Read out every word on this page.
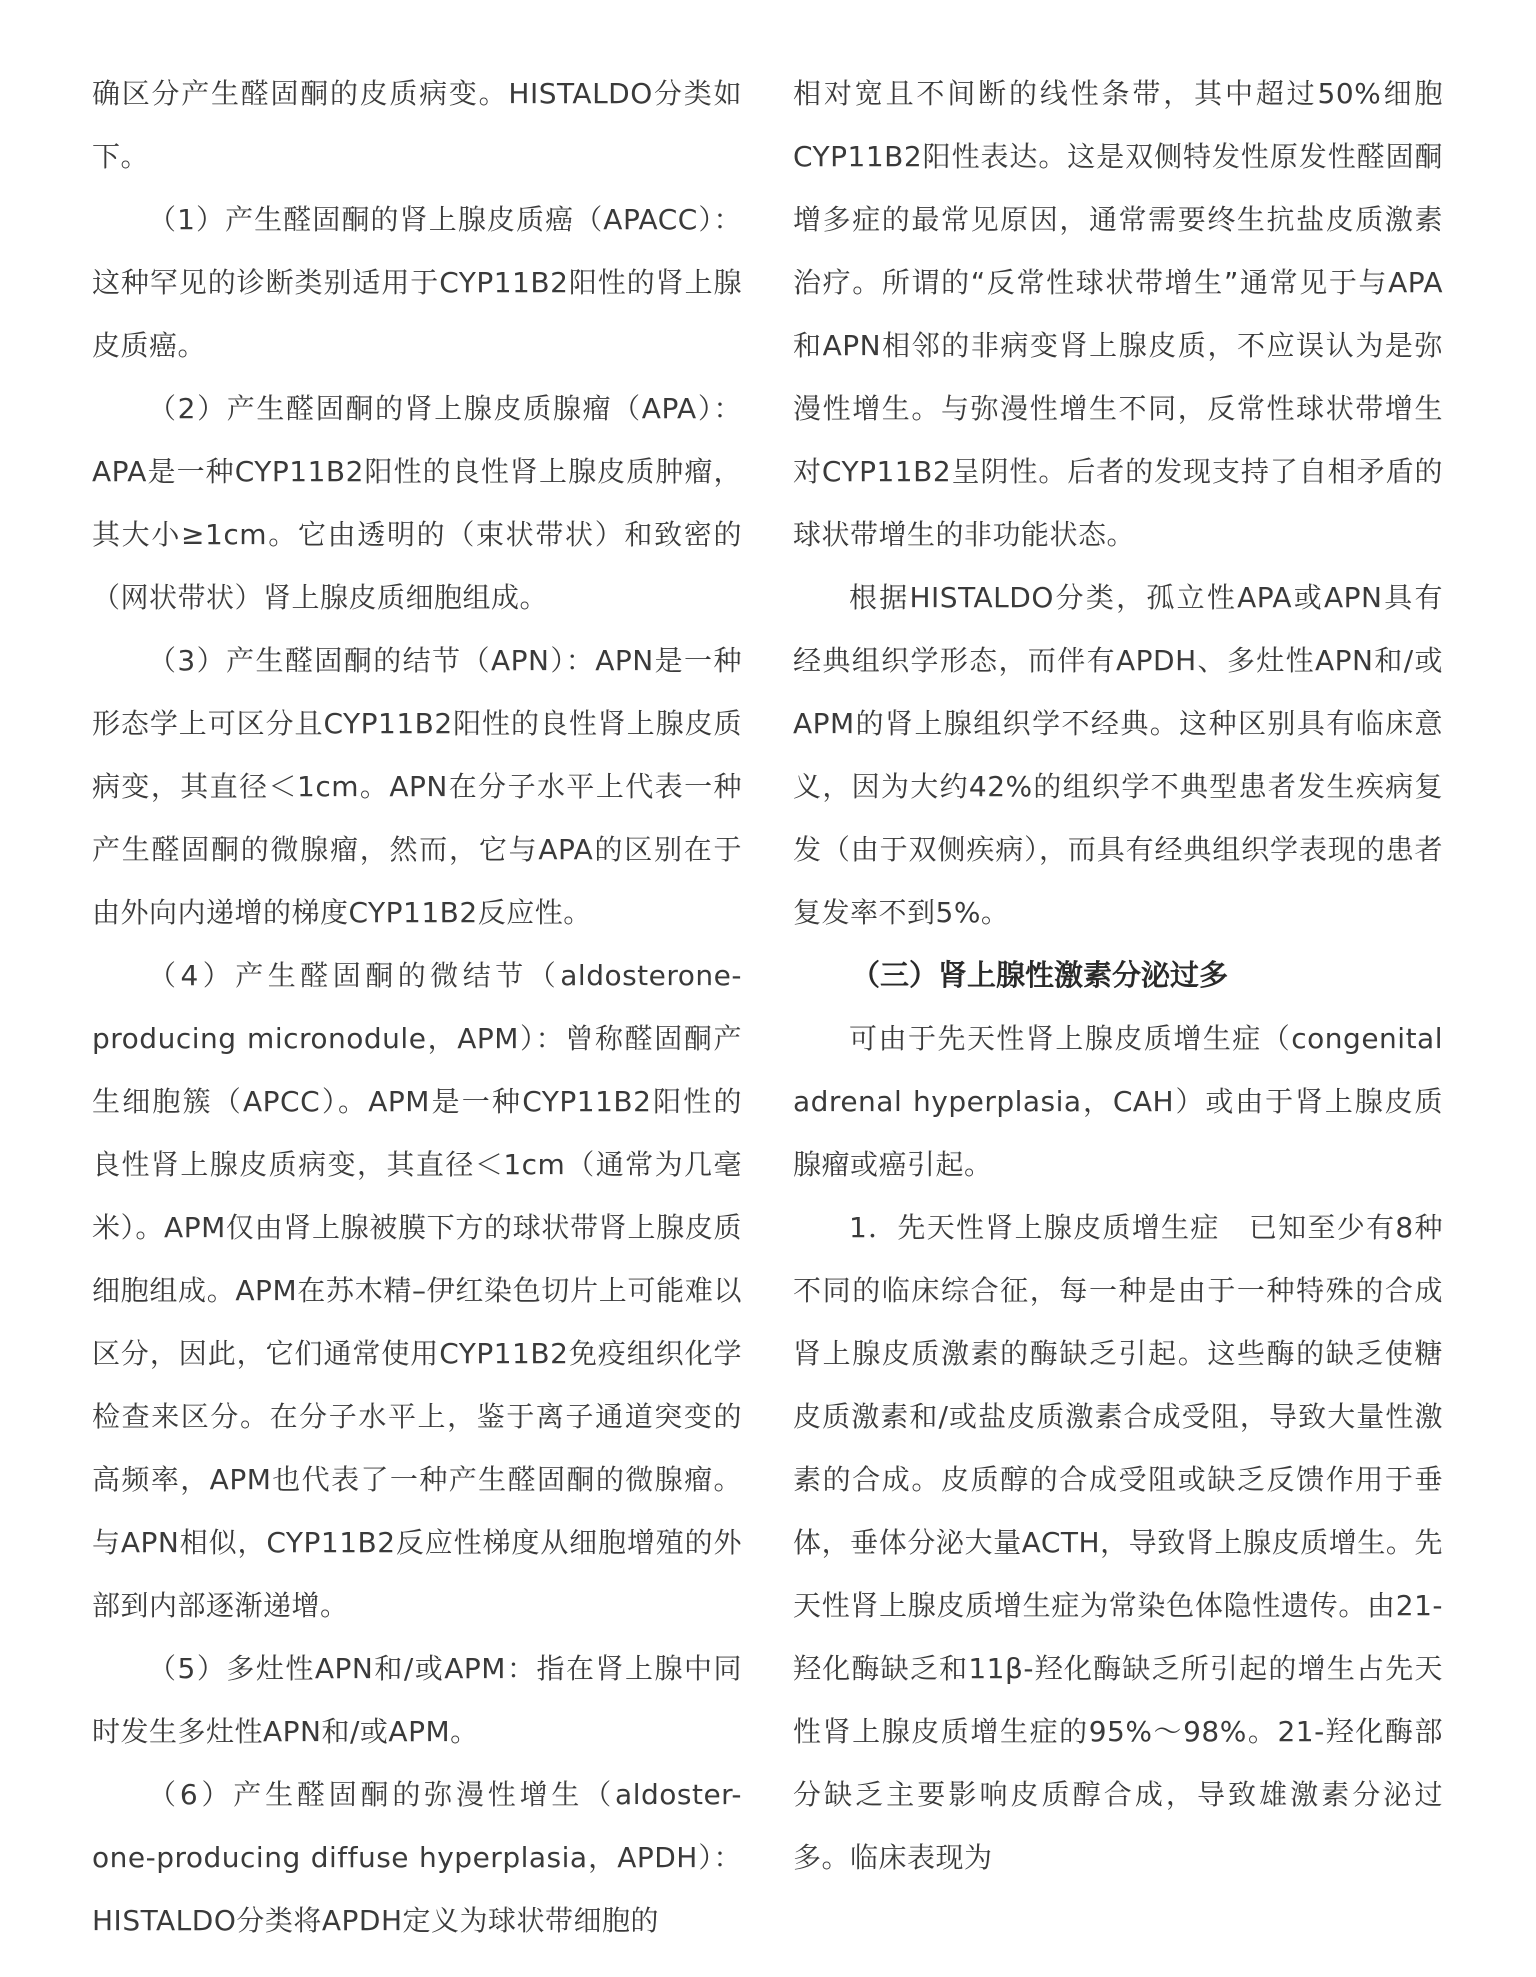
确区分产生醛固酮的皮质病变。HISTALDO分类如下。

（1）产生醛固酮的肾上腺皮质癌（APACC）：这种罕见的诊断类别适用于CYP11B2阳性的肾上腺皮质癌。

（2）产生醛固酮的肾上腺皮质腺瘤（APA）：APA是一种CYP11B2阳性的良性肾上腺皮质肿瘤，其大小≥1cm。它由透明的（束状带状）和致密的（网状带状）肾上腺皮质细胞组成。

（3）产生醛固酮的结节（APN）：APN是一种形态学上可区分且CYP11B2阳性的良性肾上腺皮质病变，其直径＜1cm。APN在分子水平上代表一种产生醛固酮的微腺瘤，然而，它与APA的区别在于由外向内递增的梯度CYP11B2反应性。

（4）产生醛固酮的微结节（aldosterone-producing micronodule，APM）：曾称醛固酮产生细胞簇（APCC）。APM是一种CYP11B2阳性的良性肾上腺皮质病变，其直径＜1cm（通常为几毫米）。APM仅由肾上腺被膜下方的球状带肾上腺皮质细胞组成。APM在苏木精–伊红染色切片上可能难以区分，因此，它们通常使用CYP11B2免疫组织化学检查来区分。在分子水平上，鉴于离子通道突变的高频率，APM也代表了一种产生醛固酮的微腺瘤。与APN相似，CYP11B2反应性梯度从细胞增殖的外部到内部逐渐递增。

（5）多灶性APN和/或APM：指在肾上腺中同时发生多灶性APN和/或APM。

（6）产生醛固酮的弥漫性增生（aldoster-one-producing diffuse hyperplasia，APDH）：HISTALDO分类将APDH定义为球状带细胞的

相对宽且不间断的线性条带，其中超过50%细胞CYP11B2阳性表达。这是双侧特发性原发性醛固酮增多症的最常见原因，通常需要终生抗盐皮质激素治疗。所谓的“反常性球状带增生”通常见于与APA和APN相邻的非病变肾上腺皮质，不应误认为是弥漫性增生。与弥漫性增生不同，反常性球状带增生对CYP11B2呈阴性。后者的发现支持了自相矛盾的球状带增生的非功能状态。

根据HISTALDO分类，孤立性APA或APN具有经典组织学形态，而伴有APDH、多灶性APN和/或APM的肾上腺组织学不经典。这种区别具有临床意义，因为大约42%的组织学不典型患者发生疾病复发（由于双侧疾病），而具有经典组织学表现的患者复发率不到5%。

（三）肾上腺性激素分泌过多

可由于先天性肾上腺皮质增生症（congenital adrenal hyperplasia，CAH）或由于肾上腺皮质腺瘤或癌引起。

1．先天性肾上腺皮质增生症　已知至少有8种不同的临床综合征，每一种是由于一种特殊的合成肾上腺皮质激素的酶缺乏引起。这些酶的缺乏使糖皮质激素和/或盐皮质激素合成受阻，导致大量性激素的合成。皮质醇的合成受阻或缺乏反馈作用于垂体，垂体分泌大量ACTH，导致肾上腺皮质增生。先天性肾上腺皮质增生症为常染色体隐性遗传。由21-羟化酶缺乏和11β-羟化酶缺乏所引起的增生占先天性肾上腺皮质增生症的95%～98%。21-羟化酶部分缺乏主要影响皮质醇合成，导致雄激素分泌过多。临床表现为
